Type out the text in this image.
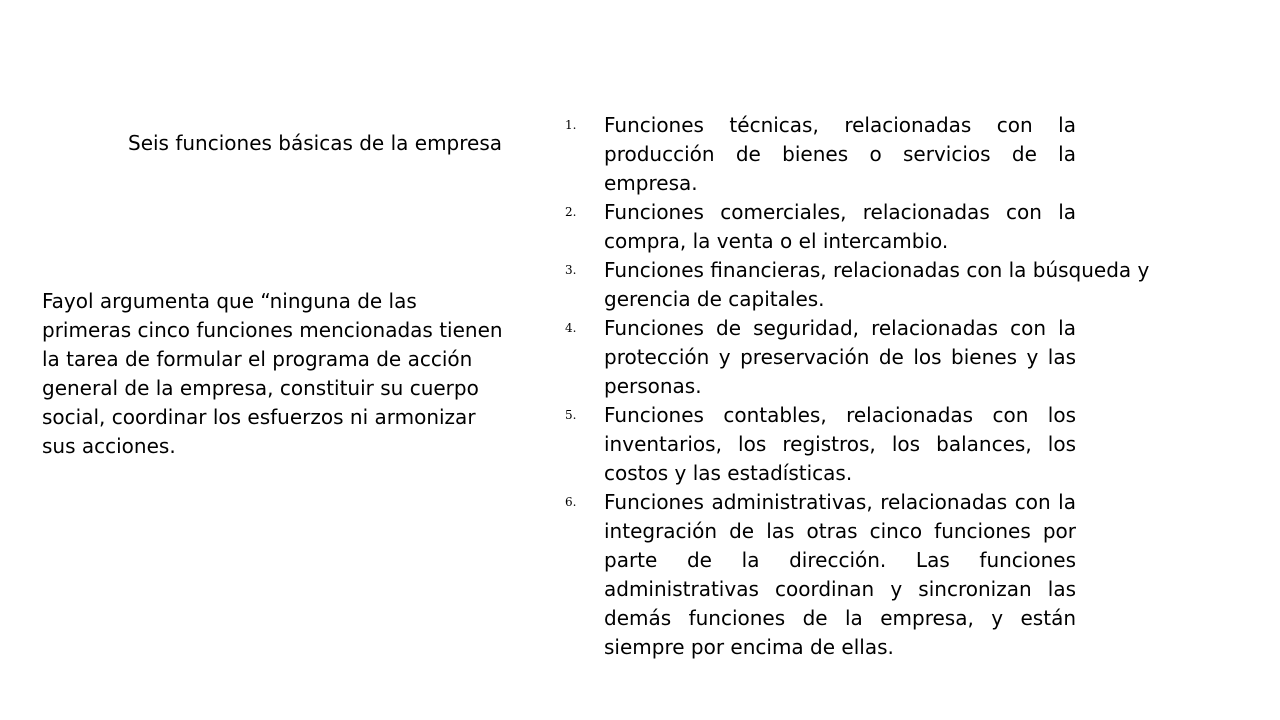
Seis funciones básicas de la empresa

Fayol argumenta que “ninguna de las primeras cinco funciones mencionadas tienen la tarea de formular el programa de acción general de la empresa, constituir su cuerpo social, coordinar los esfuerzos ni armonizar sus acciones.

1. Funciones técnicas, relacionadas con la producción de bienes o servicios de la empresa.
2. Funciones comerciales, relacionadas con la compra, la venta o el intercambio.
3. Funciones financieras, relacionadas con la búsqueda y gerencia de capitales.
4. Funciones de seguridad, relacionadas con la protección y preservación de los bienes y las personas.
5. Funciones contables, relacionadas con los inventarios, los registros, los balances, los costos y las estadísticas.
6. Funciones administrativas, relacionadas con la integración de las otras cinco funciones por parte de la dirección. Las funciones administrativas coordinan y sincronizan las demás funciones de la empresa, y están siempre por encima de ellas.
